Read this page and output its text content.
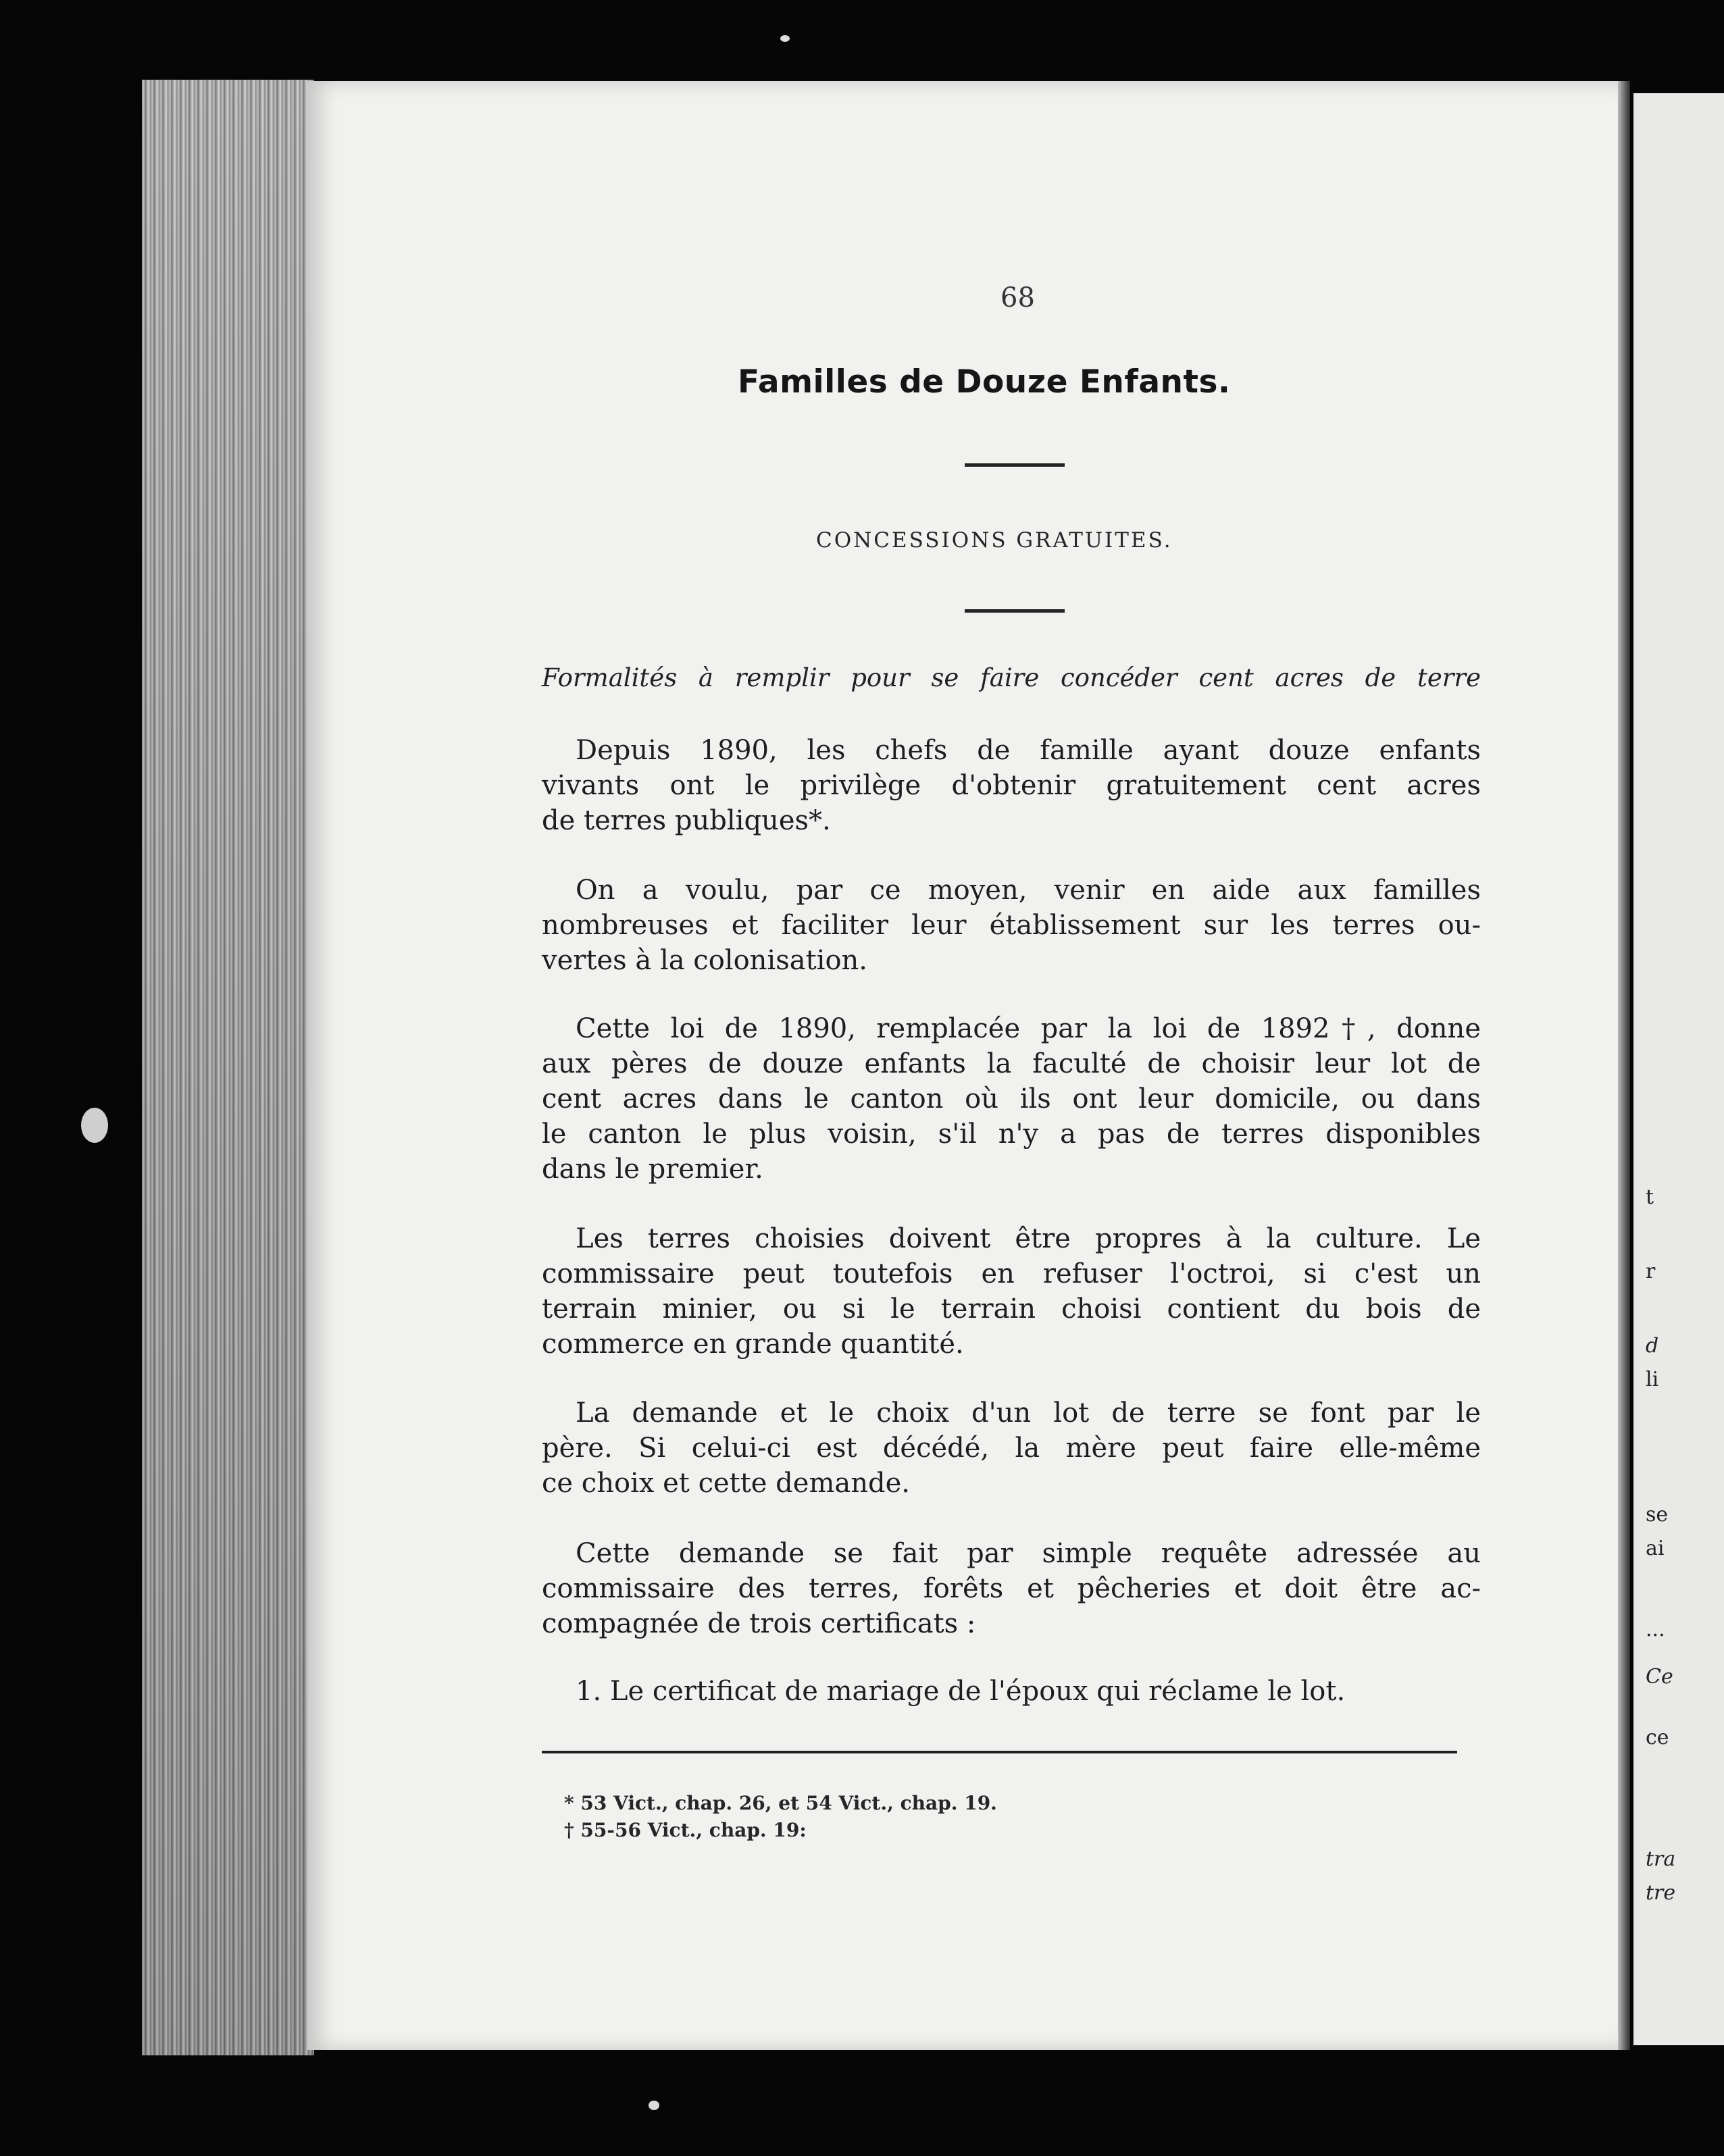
t
r
d
li
se
ai
...
Ce
ce
tra
tre
68
Familles de Douze Enfants.
CONCESSIONS GRATUITES.
Formalités à remplir pour se faire concéder cent acres de terre
Depuis 1890, les chefs de famille ayant douze enfants
vivants ont le privilège d'obtenir gratuitement cent acres
de terres publiques*.
On a voulu, par ce moyen, venir en aide aux familles
nombreuses et faciliter leur établissement sur les terres ou-
vertes à la colonisation.
Cette loi de 1890, remplacée par la loi de 1892†, donne
aux pères de douze enfants la faculté de choisir leur lot de
cent acres dans le canton où ils ont leur domicile, ou dans
le canton le plus voisin, s'il n'y a pas de terres disponibles
dans le premier.
Les terres choisies doivent être propres à la culture. Le
commissaire peut toutefois en refuser l'octroi, si c'est un
terrain minier, ou si le terrain choisi contient du bois de
commerce en grande quantité.
La demande et le choix d'un lot de terre se font par le
père. Si celui-ci est décédé, la mère peut faire elle-même
ce choix et cette demande.
Cette demande se fait par simple requête adressée au
commissaire des terres, forêts et pêcheries et doit être ac-
compagnée de trois certificats :
1. Le certificat de mariage de l'époux qui réclame le lot.
* 53 Vict., chap. 26, et 54 Vict., chap. 19.
† 55-56 Vict., chap. 19:
